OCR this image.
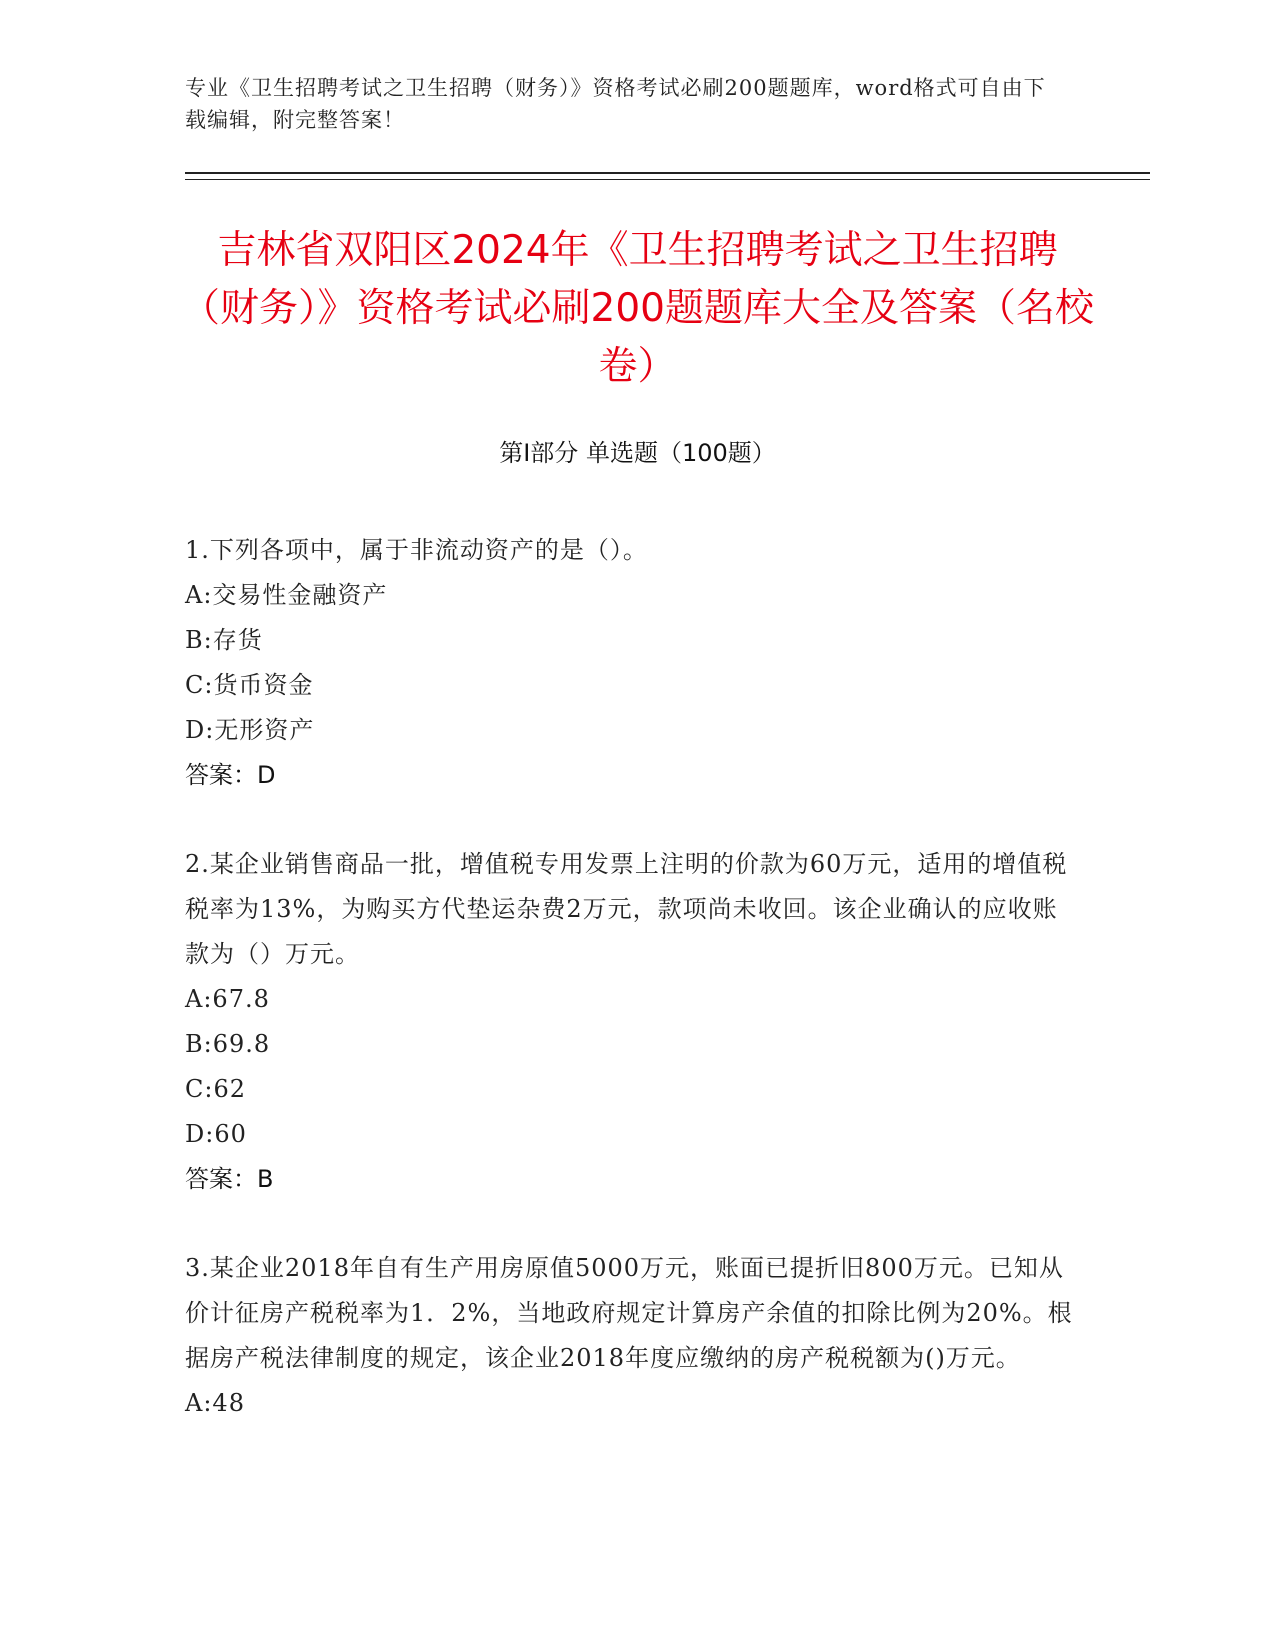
专业《卫生招聘考试之卫生招聘（财务）》资格考试必刷200题题库，word格式可自由下载编辑，附完整答案！
吉林省双阳区2024年《卫生招聘考试之卫生招聘（财务）》资格考试必刷200题题库大全及答案（名校卷）
第Ⅰ部分 单选题（100题）

1.下列各项中，属于非流动资产的是（）。

A:交易性金融资产

B:存货

C:货币资金

D:无形资产

答案：D

2.某企业销售商品一批，增值税专用发票上注明的价款为60万元，适用的增值税税率为13%，为购买方代垫运杂费2万元，款项尚未收回。该企业确认的应收账款为（）万元。

A:67.8

B:69.8

C:62

D:60

答案：B

3.某企业2018年自有生产用房原值5000万元，账面已提折旧800万元。已知从价计征房产税税率为1．2%，当地政府规定计算房产余值的扣除比例为20%。根据房产税法律制度的规定，该企业2018年度应缴纳的房产税税额为()万元。

A:48
